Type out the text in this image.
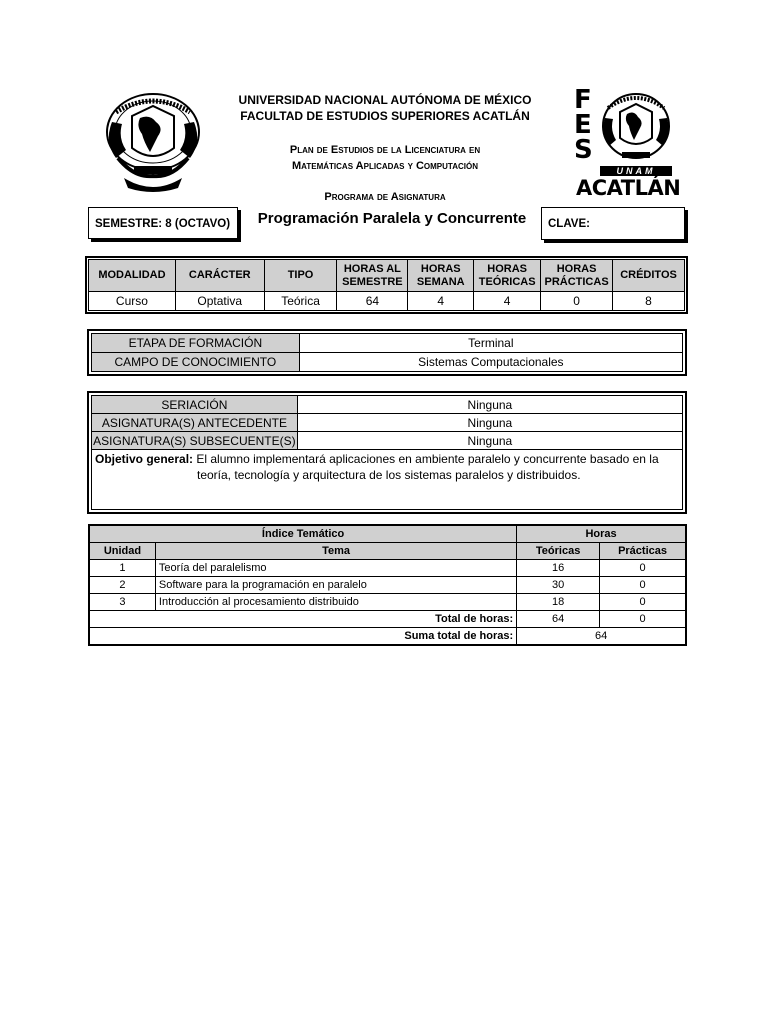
UNIVERSIDAD NACIONAL AUTÓNOMA DE MÉXICO
FACULTAD DE ESTUDIOS SUPERIORES ACATLÁN
Plan de Estudios de la Licenciatura en
Matemáticas Aplicadas y Computación
Programa de Asignatura
Programación Paralela y Concurrente
F
E
S
UNAM
ACATLÁN
SEMESTRE: 8 (OCTAVO)	CLAVE:
MODALIDAD	CARÁCTER	TIPO	HORAS AL SEMESTRE	HORAS SEMANA	HORAS TEÓRICAS	HORAS PRÁCTICAS	CRÉDITOS
Curso	Optativa	Teórica	64	4	4	0	8
ETAPA DE FORMACIÓN	Terminal
CAMPO DE CONOCIMIENTO	Sistemas Computacionales
SERIACIÓN	Ninguna
ASIGNATURA(S) ANTECEDENTE	Ninguna
ASIGNATURA(S) SUBSECUENTE(S)	Ninguna
Objetivo general: El alumno implementará aplicaciones en ambiente paralelo y concurrente basado en la
teoría, tecnología y arquitectura de los sistemas paralelos y distribuidos.	
Índice Temático		Horas	
Unidad	Tema	Teóricas	Prácticas
1	Teoría del paralelismo	16	0
2	Software para la programación en paralelo	30	0
3	Introducción al procesamiento distribuido	18	0
Total de horas:		64	0
Suma total de horas:		64	
